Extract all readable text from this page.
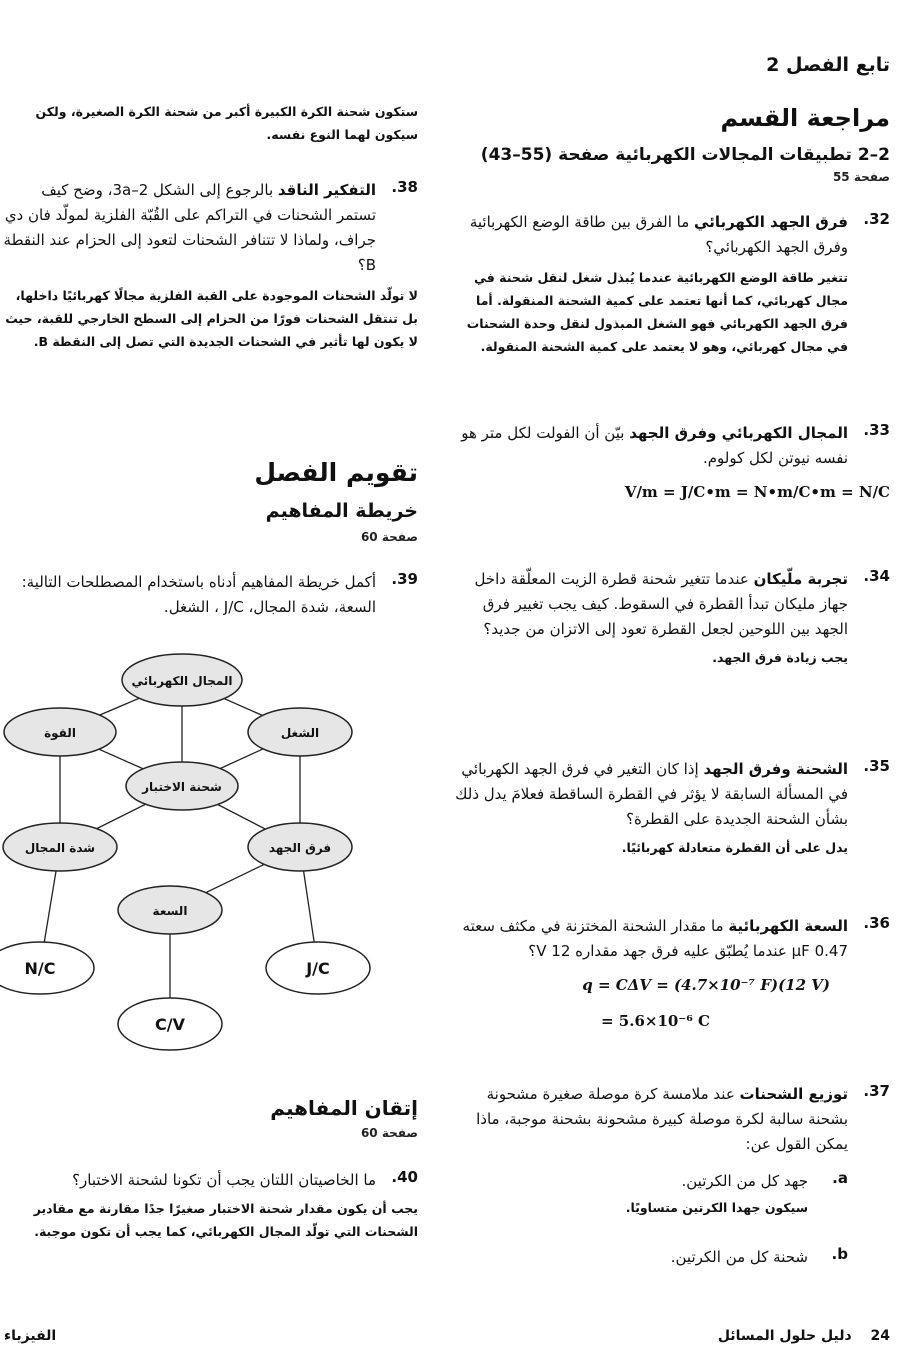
تابع الفصل 2
مراجعة القسم
2–2 تطبيقات المجالات الكهربائية صفحة (55–43)
صفحة 55
32.
فرق الجهد الكهربائي ما الفرق بين طاقة الوضع الكهربائية وفرق الجهد الكهربائي؟
تتغير طاقة الوضع الكهربائية عندما يُبذل شغل لنقل شحنة في مجال كهربائي، كما أنها تعتمد على كمية الشحنة المنقولة. أما فرق الجهد الكهربائي فهو الشغل المبذول لنقل وحدة الشحنات في مجال كهربائي، وهو لا يعتمد على كمية الشحنة المنقولة.
33.
المجال الكهربائي وفرق الجهد بيّن أن الفولت لكل متر هو نفسه نيوتن لكل كولوم.
V/m = J/C•m = N•m/C•m = N/C
34.
تجربة ملّيكان عندما تتغير شحنة قطرة الزيت المعلّقة داخل جهاز مليكان تبدأ القطرة في السقوط. كيف يجب تغيير فرق الجهد بين اللوحين لجعل القطرة تعود إلى الاتزان من جديد؟
يجب زيادة فرق الجهد.
35.
الشحنة وفرق الجهد إذا كان التغير في فرق الجهد الكهربائي في المسألة السابقة لا يؤثر في القطرة الساقطة فعلامَ يدل ذلك بشأن الشحنة الجديدة على القطرة؟
يدل على أن القطرة متعادلة كهربائيًا.
36.
السعة الكهربائية ما مقدار الشحنة المختزنة في مكثف سعته 0.47 μF عندما يُطبّق عليه فرق جهد مقداره 12 V؟
q = CΔV = (4.7×10⁻⁷ F)(12 V)
= 5.6×10⁻⁶ C
37.
توزيع الشحنات عند ملامسة كرة موصلة صغيرة مشحونة بشحنة سالبة لكرة موصلة كبيرة مشحونة بشحنة موجبة، ماذا يمكن القول عن:
a.
جهد كل من الكرتين.
سيكون جهدا الكرتين متساويًا.
b.
شحنة كل من الكرتين.
ستكون شحنة الكرة الكبيرة أكبر من شحنة الكرة الصغيرة، ولكن سيكون لهما النوع نفسه.
38.
التفكير الناقد بالرجوع إلى الشكل 2–3a، وضح كيف تستمر الشحنات في التراكم على القُبّة الفلزية لمولّد فان دي جراف، ولماذا لا تتنافر الشحنات لتعود إلى الحزام عند النقطة B؟
لا تولّد الشحنات الموجودة على القبة الفلزية مجالًا كهربائيًا داخلها، بل تنتقل الشحنات فورًا من الحزام إلى السطح الخارجي للقبة، حيث لا يكون لها تأثير في الشحنات الجديدة التي تصل إلى النقطة B.
تقويم الفصل
خريطة المفاهيم
صفحة 60
39.
أكمل خريطة المفاهيم أدناه باستخدام المصطلحات التالية: السعة، شدة المجال، J/C ، الشغل.
إتقان المفاهيم
صفحة 60
40.
ما الخاصيتان اللتان يجب أن تكونا لشحنة الاختبار؟
يجب أن يكون مقدار شحنة الاختبار صغيرًا جدًا مقارنة مع مقادير الشحنات التي تولّد المجال الكهربائي، كما يجب أن تكون موجبة.
المجال الكهربائي
القوة	الشغل
شحنة الاختبار
شدة المجال	فرق الجهد
السعة
N/C	J/C
C/V
24 دليل حلول المسائل
الفيزياء
